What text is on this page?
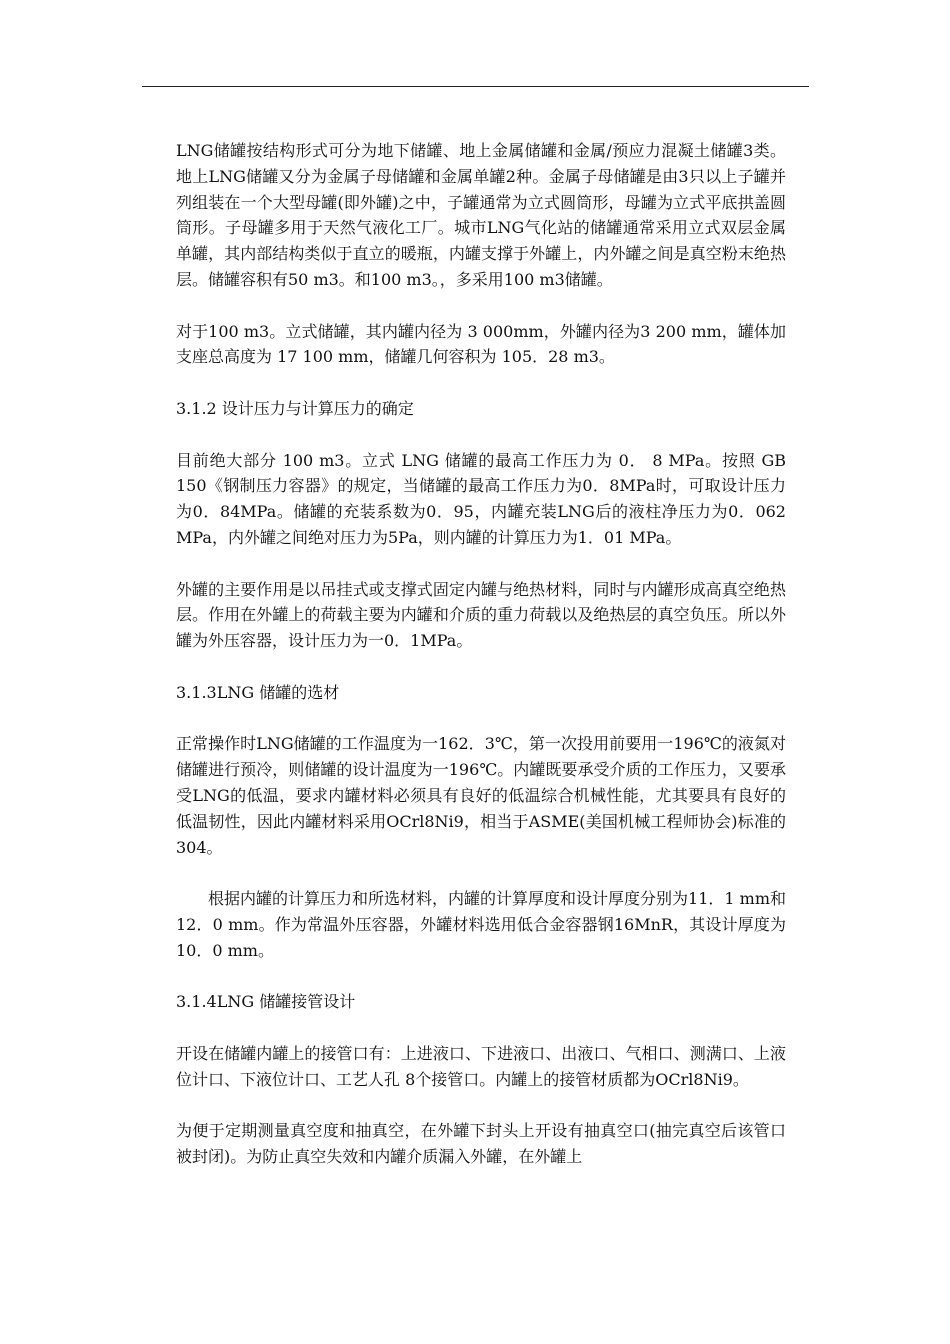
LNG储罐按结构形式可分为地下储罐、地上金属储罐和金属/预应力混凝土储罐3类。地上LNG储罐又分为金属子母储罐和金属单罐2种。金属子母储罐是由3只以上子罐并列组装在一个大型母罐(即外罐)之中，子罐通常为立式圆筒形，母罐为立式平底拱盖圆筒形。子母罐多用于天然气液化工厂。城市LNG气化站的储罐通常采用立式双层金属单罐，其内部结构类似于直立的暖瓶，内罐支撑于外罐上，内外罐之间是真空粉末绝热层。储罐容积有50 m3。和100 m3。，多采用100 m3储罐。

对于100 m3。立式储罐，其内罐内径为 3 000mm，外罐内径为3 200 mm，罐体加支座总高度为 17 100 mm，储罐几何容积为 105．28 m3。

3.1.2 设计压力与计算压力的确定

目前绝大部分 100 m3。立式 LNG 储罐的最高工作压力为 0． 8 MPa。按照 GB 150《钢制压力容器》的规定，当储罐的最高工作压力为0．8MPa时，可取设计压力为0．84MPa。储罐的充装系数为0．95，内罐充装LNG后的液柱净压力为0．062 MPa，内外罐之间绝对压力为5Pa，则内罐的计算压力为1．01 MPa。

外罐的主要作用是以吊挂式或支撑式固定内罐与绝热材料，同时与内罐形成高真空绝热层。作用在外罐上的荷载主要为内罐和介质的重力荷载以及绝热层的真空负压。所以外罐为外压容器，设计压力为一0．1MPa。

3.1.3LNG 储罐的选材

正常操作时LNG储罐的工作温度为一162．3℃，第一次投用前要用一196℃的液氮对储罐进行预冷，则储罐的设计温度为一196℃。内罐既要承受介质的工作压力，又要承受LNG的低温，要求内罐材料必须具有良好的低温综合机械性能，尤其要具有良好的低温韧性，因此内罐材料采用OCrl8Ni9，相当于ASME(美国机械工程师协会)标准的304。

根据内罐的计算压力和所选材料，内罐的计算厚度和设计厚度分别为11．1 mm和12．0 mm。作为常温外压容器，外罐材料选用低合金容器钢16MnR，其设计厚度为10．0 mm。

3.1.4LNG 储罐接管设计

开设在储罐内罐上的接管口有：上进液口、下进液口、出液口、气相口、测满口、上液位计口、下液位计口、工艺人孔 8个接管口。内罐上的接管材质都为OCrl8Ni9。

为便于定期测量真空度和抽真空，在外罐下封头上开设有抽真空口(抽完真空后该管口被封闭)。为防止真空失效和内罐介质漏入外罐，在外罐上
